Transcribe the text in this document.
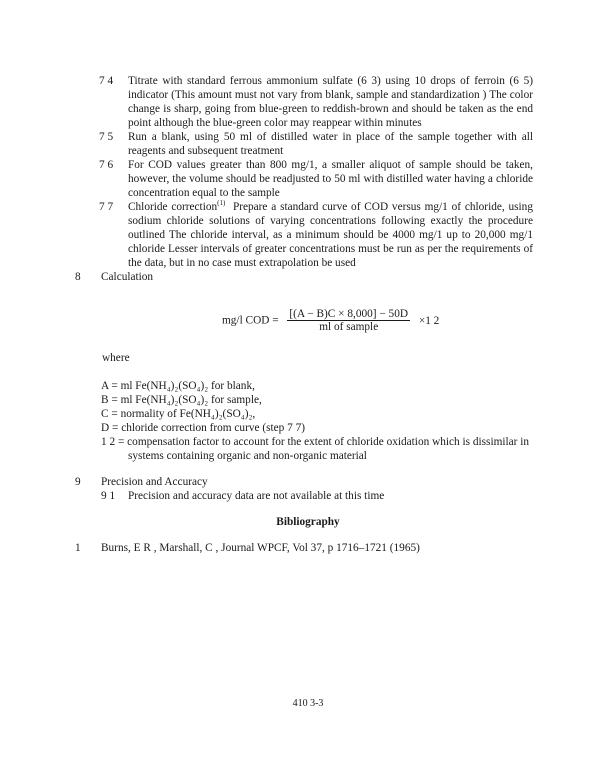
7 4 Titrate with standard ferrous ammonium sulfate (6 3) using 10 drops of ferroin (6 5) indicator (This amount must not vary from blank, sample and standardization ) The color change is sharp, going from blue-green to reddish-brown and should be taken as the end point although the blue-green color may reappear within minutes
7 5 Run a blank, using 50 ml of distilled water in place of the sample together with all reagents and subsequent treatment
7 6 For COD values greater than 800 mg/1, a smaller aliquot of sample should be taken, however, the volume should be readjusted to 50 ml with distilled water having a chloride concentration equal to the sample
7 7 Chloride correction$^{(1)}$ Prepare a standard curve of COD versus mg/1 of chloride, using sodium chloride solutions of varying concentrations following exactly the procedure outlined The chloride interval, as a minimum should be 4000 mg/1 up to 20,000 mg/1 chloride Lesser intervals of greater concentrations must be run as per the requirements of the data, but in no case must extrapolation be used
8 Calculation
mg/l COD = $\frac{[(A - B)C \times 8,000] - 50D}{\text{ml of sample}} \times 1$ 2
where
A = ml Fe(NH₄)₂(SO₄)₂ for blank,
B = ml Fe(NH₄)₂(SO₄)₂ for sample,
C = normality of Fe(NH₄)₂(SO₄)₂,
D = chloride correction from curve (step 7 7)
1 2 = compensation factor to account for the extent of chloride oxidation which is dissimilar in
systems containing organic and non-organic material
9 Precision and Accuracy
9 1 Precision and accuracy data are not available at this time
Bibliography
1 Burns, E R , Marshall, C , Journal WPCF, Vol 37, p 1716–1721 (1965)
410 3-3
